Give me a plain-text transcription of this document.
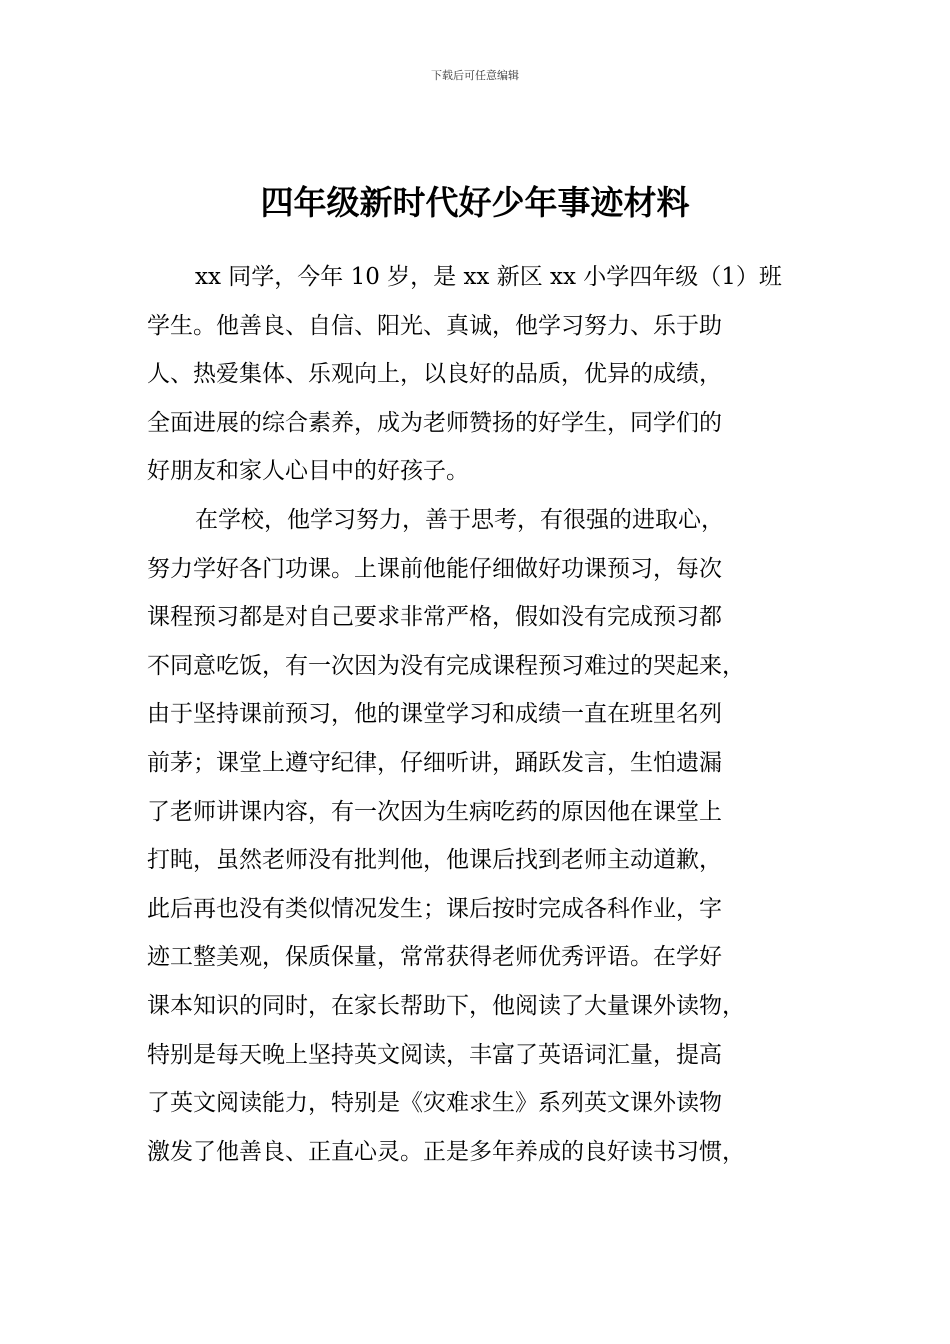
下载后可任意编辑
四年级新时代好少年事迹材料
xx 同学，今年 10 岁，是 xx 新区 xx 小学四年级（1）班
学生。他善良、自信、阳光、真诚，他学习努力、乐于助
人、热爱集体、乐观向上，以良好的品质，优异的成绩，
全面进展的综合素养，成为老师赞扬的好学生，同学们的
好朋友和家人心目中的好孩子。
在学校，他学习努力，善于思考，有很强的进取心，
努力学好各门功课。上课前他能仔细做好功课预习，每次
课程预习都是对自己要求非常严格，假如没有完成预习都
不同意吃饭，有一次因为没有完成课程预习难过的哭起来，
由于坚持课前预习，他的课堂学习和成绩一直在班里名列
前茅；课堂上遵守纪律，仔细听讲，踊跃发言，生怕遗漏
了老师讲课内容，有一次因为生病吃药的原因他在课堂上
打盹，虽然老师没有批判他，他课后找到老师主动道歉，
此后再也没有类似情况发生；课后按时完成各科作业，字
迹工整美观，保质保量，常常获得老师优秀评语。在学好
课本知识的同时，在家长帮助下，他阅读了大量课外读物，
特别是每天晚上坚持英文阅读，丰富了英语词汇量，提高
了英文阅读能力，特别是《灾难求生》系列英文课外读物
激发了他善良、正直心灵。正是多年养成的良好读书习惯，
